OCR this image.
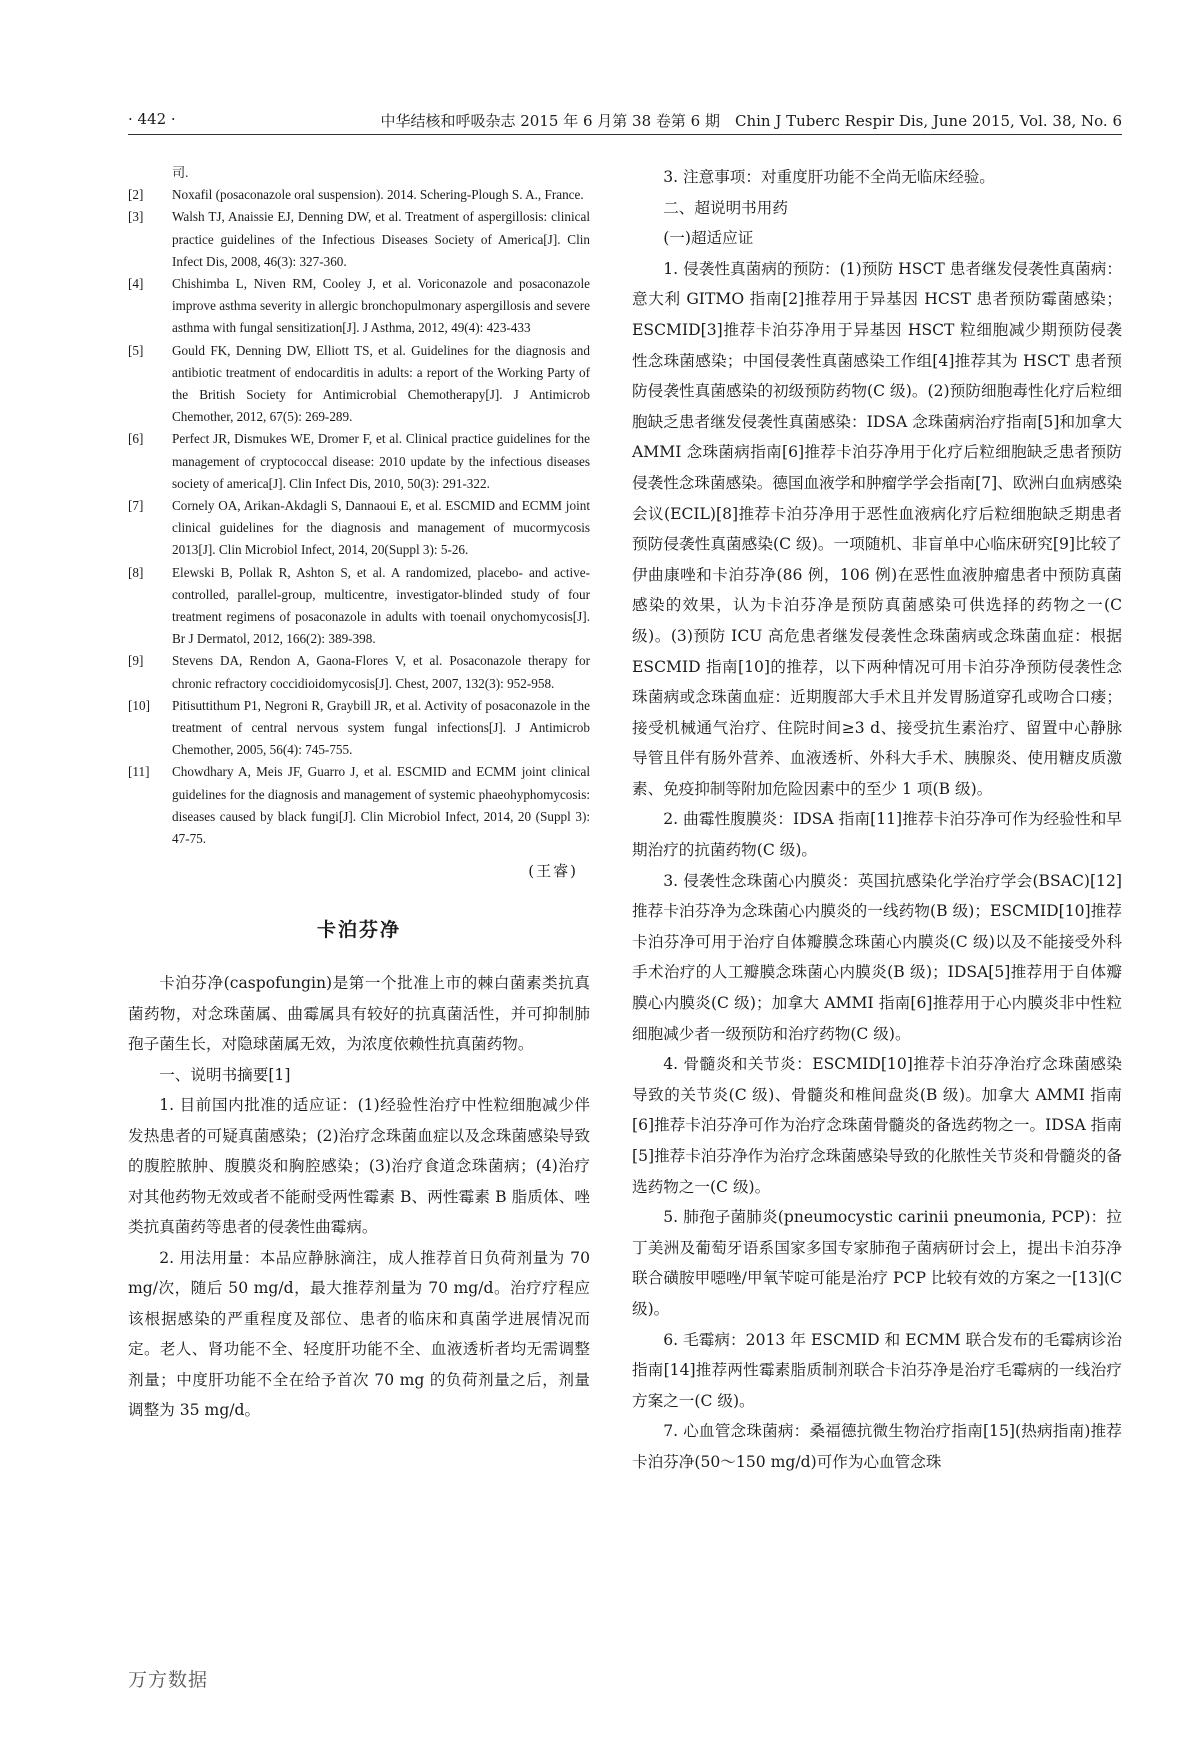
· 442 ·	中华结核和呼吸杂志 2015 年 6 月第 38 卷第 6 期　Chin J Tuberc Respir Dis, June 2015, Vol. 38, No. 6
司.
[2] Noxafil (posaconazole oral suspension). 2014. Schering-Plough S. A., France.
[3] Walsh TJ, Anaissie EJ, Denning DW, et al. Treatment of aspergillosis: clinical practice guidelines of the Infectious Diseases Society of America[J]. Clin Infect Dis, 2008, 46(3): 327-360.
[4] Chishimba L, Niven RM, Cooley J, et al. Voriconazole and posaconazole improve asthma severity in allergic bronchopulmonary aspergillosis and severe asthma with fungal sensitization[J]. J Asthma, 2012, 49(4): 423-433
[5] Gould FK, Denning DW, Elliott TS, et al. Guidelines for the diagnosis and antibiotic treatment of endocarditis in adults: a report of the Working Party of the British Society for Antimicrobial Chemotherapy[J]. J Antimicrob Chemother, 2012, 67(5): 269-289.
[6] Perfect JR, Dismukes WE, Dromer F, et al. Clinical practice guidelines for the management of cryptococcal disease: 2010 update by the infectious diseases society of america[J]. Clin Infect Dis, 2010, 50(3): 291-322.
[7] Cornely OA, Arikan-Akdagli S, Dannaoui E, et al. ESCMID and ECMM joint clinical guidelines for the diagnosis and management of mucormycosis 2013[J]. Clin Microbiol Infect, 2014, 20(Suppl 3): 5-26.
[8] Elewski B, Pollak R, Ashton S, et al. A randomized, placebo- and active-controlled, parallel-group, multicentre, investigator-blinded study of four treatment regimens of posaconazole in adults with toenail onychomycosis[J]. Br J Dermatol, 2012, 166(2): 389-398.
[9] Stevens DA, Rendon A, Gaona-Flores V, et al. Posaconazole therapy for chronic refractory coccidioidomycosis[J]. Chest, 2007, 132(3): 952-958.
[10] Pitisuttithum P1, Negroni R, Graybill JR, et al. Activity of posaconazole in the treatment of central nervous system fungal infections[J]. J Antimicrob Chemother, 2005, 56(4): 745-755.
[11] Chowdhary A, Meis JF, Guarro J, et al. ESCMID and ECMM joint clinical guidelines for the diagnosis and management of systemic phaeohyphomycosis: diseases caused by black fungi[J]. Clin Microbiol Infect, 2014, 20 (Suppl 3): 47-75.
(王睿)
卡泊芬净

卡泊芬净(caspofungin)是第一个批准上市的棘白菌素类抗真菌药物，对念珠菌属、曲霉属具有较好的抗真菌活性，并可抑制肺孢子菌生长，对隐球菌属无效，为浓度依赖性抗真菌药物。

一、说明书摘要[1]

1. 目前国内批准的适应证：(1)经验性治疗中性粒细胞减少伴发热患者的可疑真菌感染；(2)治疗念珠菌血症以及念珠菌感染导致的腹腔脓肿、腹膜炎和胸腔感染；(3)治疗食道念珠菌病；(4)治疗对其他药物无效或者不能耐受两性霉素 B、两性霉素 B 脂质体、唑类抗真菌药等患者的侵袭性曲霉病。

2. 用法用量：本品应静脉滴注，成人推荐首日负荷剂量为 70 mg/次，随后 50 mg/d，最大推荐剂量为 70 mg/d。治疗疗程应该根据感染的严重程度及部位、患者的临床和真菌学进展情况而定。老人、肾功能不全、轻度肝功能不全、血液透析者均无需调整剂量；中度肝功能不全在给予首次 70 mg 的负荷剂量之后，剂量调整为 35 mg/d。

3. 注意事项：对重度肝功能不全尚无临床经验。

二、超说明书用药

(一)超适应证

1. 侵袭性真菌病的预防：(1)预防 HSCT 患者继发侵袭性真菌病：意大利 GITMO 指南[2]推荐用于异基因 HCST 患者预防霉菌感染；ESCMID[3]推荐卡泊芬净用于异基因 HSCT 粒细胞减少期预防侵袭性念珠菌感染；中国侵袭性真菌感染工作组[4]推荐其为 HSCT 患者预防侵袭性真菌感染的初级预防药物(C 级)。(2)预防细胞毒性化疗后粒细胞缺乏患者继发侵袭性真菌感染：IDSA 念珠菌病治疗指南[5]和加拿大 AMMI 念珠菌病指南[6]推荐卡泊芬净用于化疗后粒细胞缺乏患者预防侵袭性念珠菌感染。德国血液学和肿瘤学学会指南[7]、欧洲白血病感染会议(ECIL)[8]推荐卡泊芬净用于恶性血液病化疗后粒细胞缺乏期患者预防侵袭性真菌感染(C 级)。一项随机、非盲单中心临床研究[9]比较了伊曲康唑和卡泊芬净(86 例，106 例)在恶性血液肿瘤患者中预防真菌感染的效果，认为卡泊芬净是预防真菌感染可供选择的药物之一(C 级)。(3)预防 ICU 高危患者继发侵袭性念珠菌病或念珠菌血症：根据 ESCMID 指南[10]的推荐，以下两种情况可用卡泊芬净预防侵袭性念珠菌病或念珠菌血症：近期腹部大手术且并发胃肠道穿孔或吻合口瘘；接受机械通气治疗、住院时间≥3 d、接受抗生素治疗、留置中心静脉导管且伴有肠外营养、血液透析、外科大手术、胰腺炎、使用糖皮质激素、免疫抑制等附加危险因素中的至少 1 项(B 级)。

2. 曲霉性腹膜炎：IDSA 指南[11]推荐卡泊芬净可作为经验性和早期治疗的抗菌药物(C 级)。

3. 侵袭性念珠菌心内膜炎：英国抗感染化学治疗学会(BSAC)[12]推荐卡泊芬净为念珠菌心内膜炎的一线药物(B 级)；ESCMID[10]推荐卡泊芬净可用于治疗自体瓣膜念珠菌心内膜炎(C 级)以及不能接受外科手术治疗的人工瓣膜念珠菌心内膜炎(B 级)；IDSA[5]推荐用于自体瓣膜心内膜炎(C 级)；加拿大 AMMI 指南[6]推荐用于心内膜炎非中性粒细胞减少者一级预防和治疗药物(C 级)。

4. 骨髓炎和关节炎：ESCMID[10]推荐卡泊芬净治疗念珠菌感染导致的关节炎(C 级)、骨髓炎和椎间盘炎(B 级)。加拿大 AMMI 指南[6]推荐卡泊芬净可作为治疗念珠菌骨髓炎的备选药物之一。IDSA 指南[5]推荐卡泊芬净作为治疗念珠菌感染导致的化脓性关节炎和骨髓炎的备选药物之一(C 级)。

5. 肺孢子菌肺炎(pneumocystic carinii pneumonia, PCP)：拉丁美洲及葡萄牙语系国家多国专家肺孢子菌病研讨会上，提出卡泊芬净联合磺胺甲噁唑/甲氧苄啶可能是治疗 PCP 比较有效的方案之一[13](C 级)。

6. 毛霉病：2013 年 ESCMID 和 ECMM 联合发布的毛霉病诊治指南[14]推荐两性霉素脂质制剂联合卡泊芬净是治疗毛霉病的一线治疗方案之一(C 级)。

7. 心血管念珠菌病：桑福德抗微生物治疗指南[15](热病指南)推荐卡泊芬净(50～150 mg/d)可作为心血管念珠

万方数据
